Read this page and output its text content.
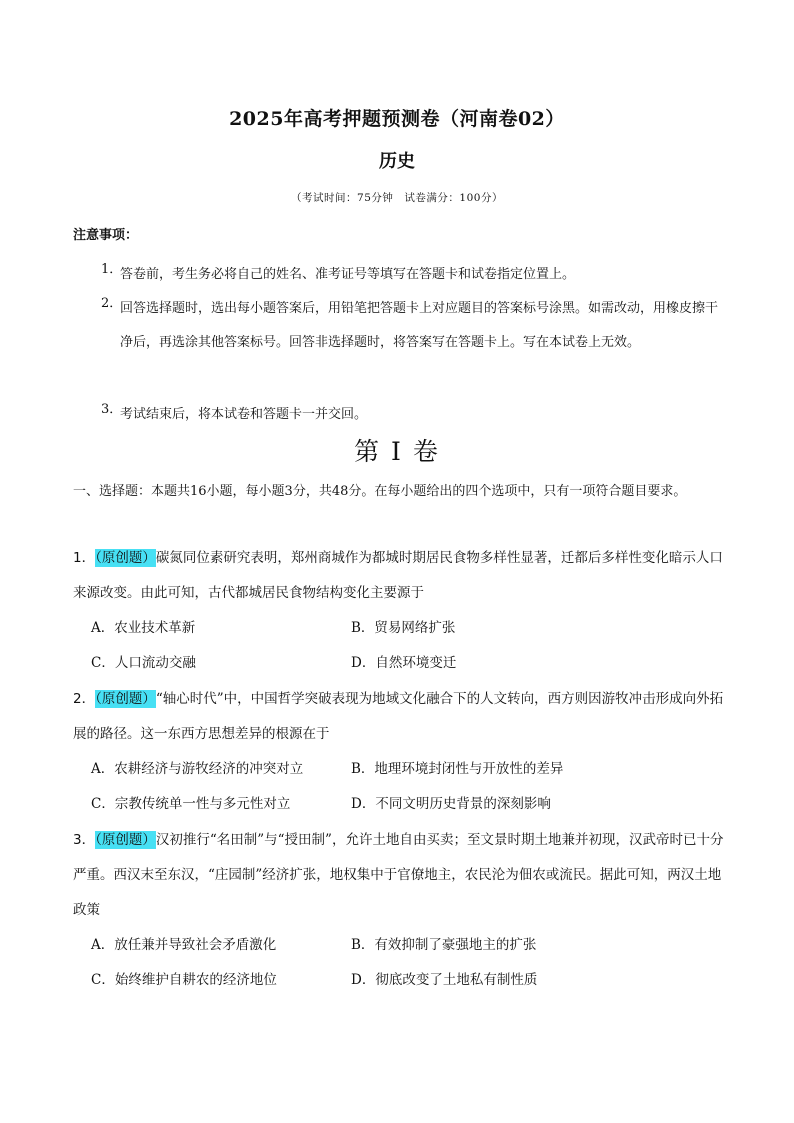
2025年高考押题预测卷（河南卷02）
历史
（考试时间：75分钟　试卷满分：100分）
注意事项：
1．
答卷前，考生务必将自己的姓名、准考证号等填写在答题卡和试卷指定位置上。
2．
回答选择题时，选出每小题答案后，用铅笔把答题卡上对应题目的答案标号涂黑。如需改动，用橡皮擦干净后，再选涂其他答案标号。回答非选择题时，将答案写在答题卡上。写在本试卷上无效。
3．
考试结束后，将本试卷和答题卡一并交回。
第 I 卷
一、选择题：本题共16小题，每小题3分，共48分。在每小题给出的四个选项中，只有一项符合题目要求。
1．（原创题）碳氮同位素研究表明，郑州商城作为都城时期居民食物多样性显著，迁都后多样性变化暗示人口来源改变。由此可知，古代都城居民食物结构变化主要源于
A．农业技术革新	B．贸易网络扩张
C．人口流动交融	D．自然环境变迁
2．（原创题）“轴心时代”中，中国哲学突破表现为地域文化融合下的人文转向，西方则因游牧冲击形成向外拓展的路径。这一东西方思想差异的根源在于
A．农耕经济与游牧经济的冲突对立	B．地理环境封闭性与开放性的差异
C．宗教传统单一性与多元性对立	D．不同文明历史背景的深刻影响
3．（原创题）汉初推行“名田制”与“授田制”，允许土地自由买卖；至文景时期土地兼并初现，汉武帝时已十分严重。西汉末至东汉，“庄园制”经济扩张，地权集中于官僚地主，农民沦为佃农或流民。据此可知，两汉土地政策
A．放任兼并导致社会矛盾激化	B．有效抑制了豪强地主的扩张
C．始终维护自耕农的经济地位	D．彻底改变了土地私有制性质
